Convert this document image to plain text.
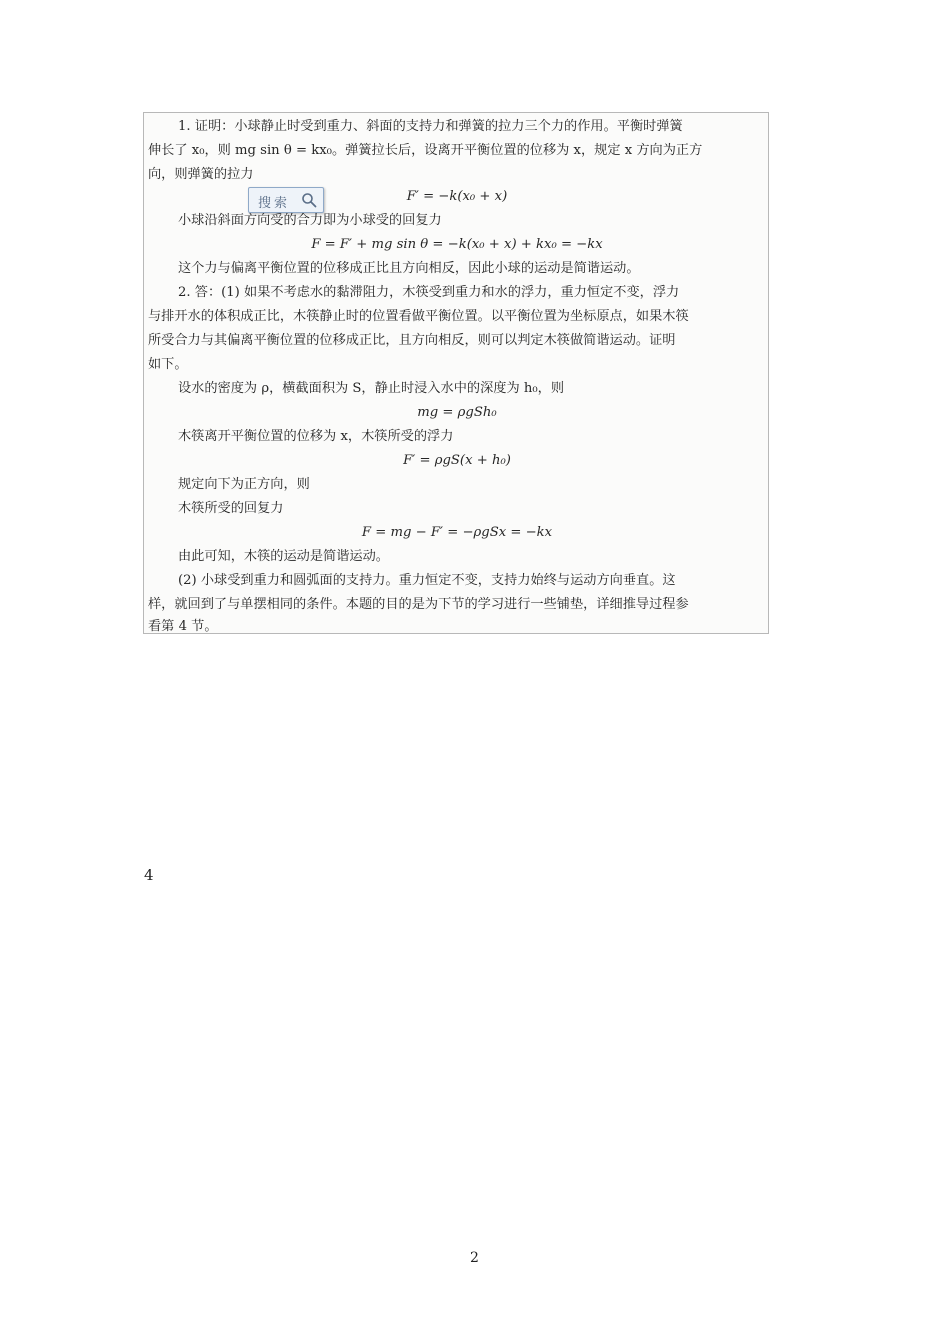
1. 证明：小球静止时受到重力、斜面的支持力和弹簧的拉力三个力的作用。平衡时弹簧
伸长了 x₀，则 mg sin θ = kx₀。弹簧拉长后，设离开平衡位置的位移为 x，规定 x 方向为正方
向，则弹簧的拉力
F′ = −k(x₀ + x)
小球沿斜面方向受的合力即为小球受的回复力
F = F′ + mg sin θ = −k(x₀ + x) + kx₀ = −kx
这个力与偏离平衡位置的位移成正比且方向相反，因此小球的运动是简谐运动。
2. 答：(1) 如果不考虑水的黏滞阻力，木筷受到重力和水的浮力，重力恒定不变，浮力
与排开水的体积成正比，木筷静止时的位置看做平衡位置。以平衡位置为坐标原点，如果木筷
所受合力与其偏离平衡位置的位移成正比，且方向相反，则可以判定木筷做简谐运动。证明
如下。
设水的密度为 ρ，横截面积为 S，静止时浸入水中的深度为 h₀，则
mg = ρgSh₀
木筷离开平衡位置的位移为 x，木筷所受的浮力
F′ = ρgS(x + h₀)
规定向下为正方向，则
木筷所受的回复力
F = mg − F′ = −ρgSx = −kx
由此可知，木筷的运动是简谐运动。
(2) 小球受到重力和圆弧面的支持力。重力恒定不变，支持力始终与运动方向垂直。这
样，就回到了与单摆相同的条件。本题的目的是为下节的学习进行一些铺垫，详细推导过程参
看第 4 节。
搜索
4
2
